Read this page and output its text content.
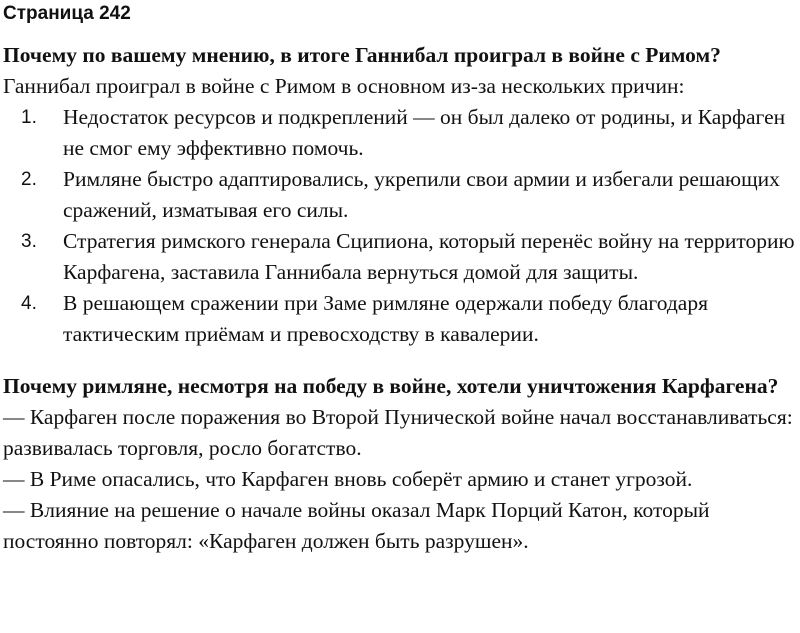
Страница 242

Почему по вашему мнению, в итоге Ганнибал проиграл в войне с Римом?

Ганнибал проиграл в войне с Римом в основном из-за нескольких причин:

1. Недостаток ресурсов и подкреплений — он был далеко от родины, и Карфаген не смог ему эффективно помочь.
2. Римляне быстро адаптировались, укрепили свои армии и избегали решающих сражений, изматывая его силы.
3. Стратегия римского генерала Сципиона, который перенёс войну на территорию Карфагена, заставила Ганнибала вернуться домой для защиты.
4. В решающем сражении при Заме римляне одержали победу благодаря тактическим приёмам и превосходству в кавалерии.

Почему римляне, несмотря на победу в войне, хотели уничтожения Карфагена?

— Карфаген после поражения во Второй Пунической войне начал восстанавливаться: развивалась торговля, росло богатство.

— В Риме опасались, что Карфаген вновь соберёт армию и станет угрозой.

— Влияние на решение о начале войны оказал Марк Порций Катон, который постоянно повторял: «Карфаген должен быть разрушен».
